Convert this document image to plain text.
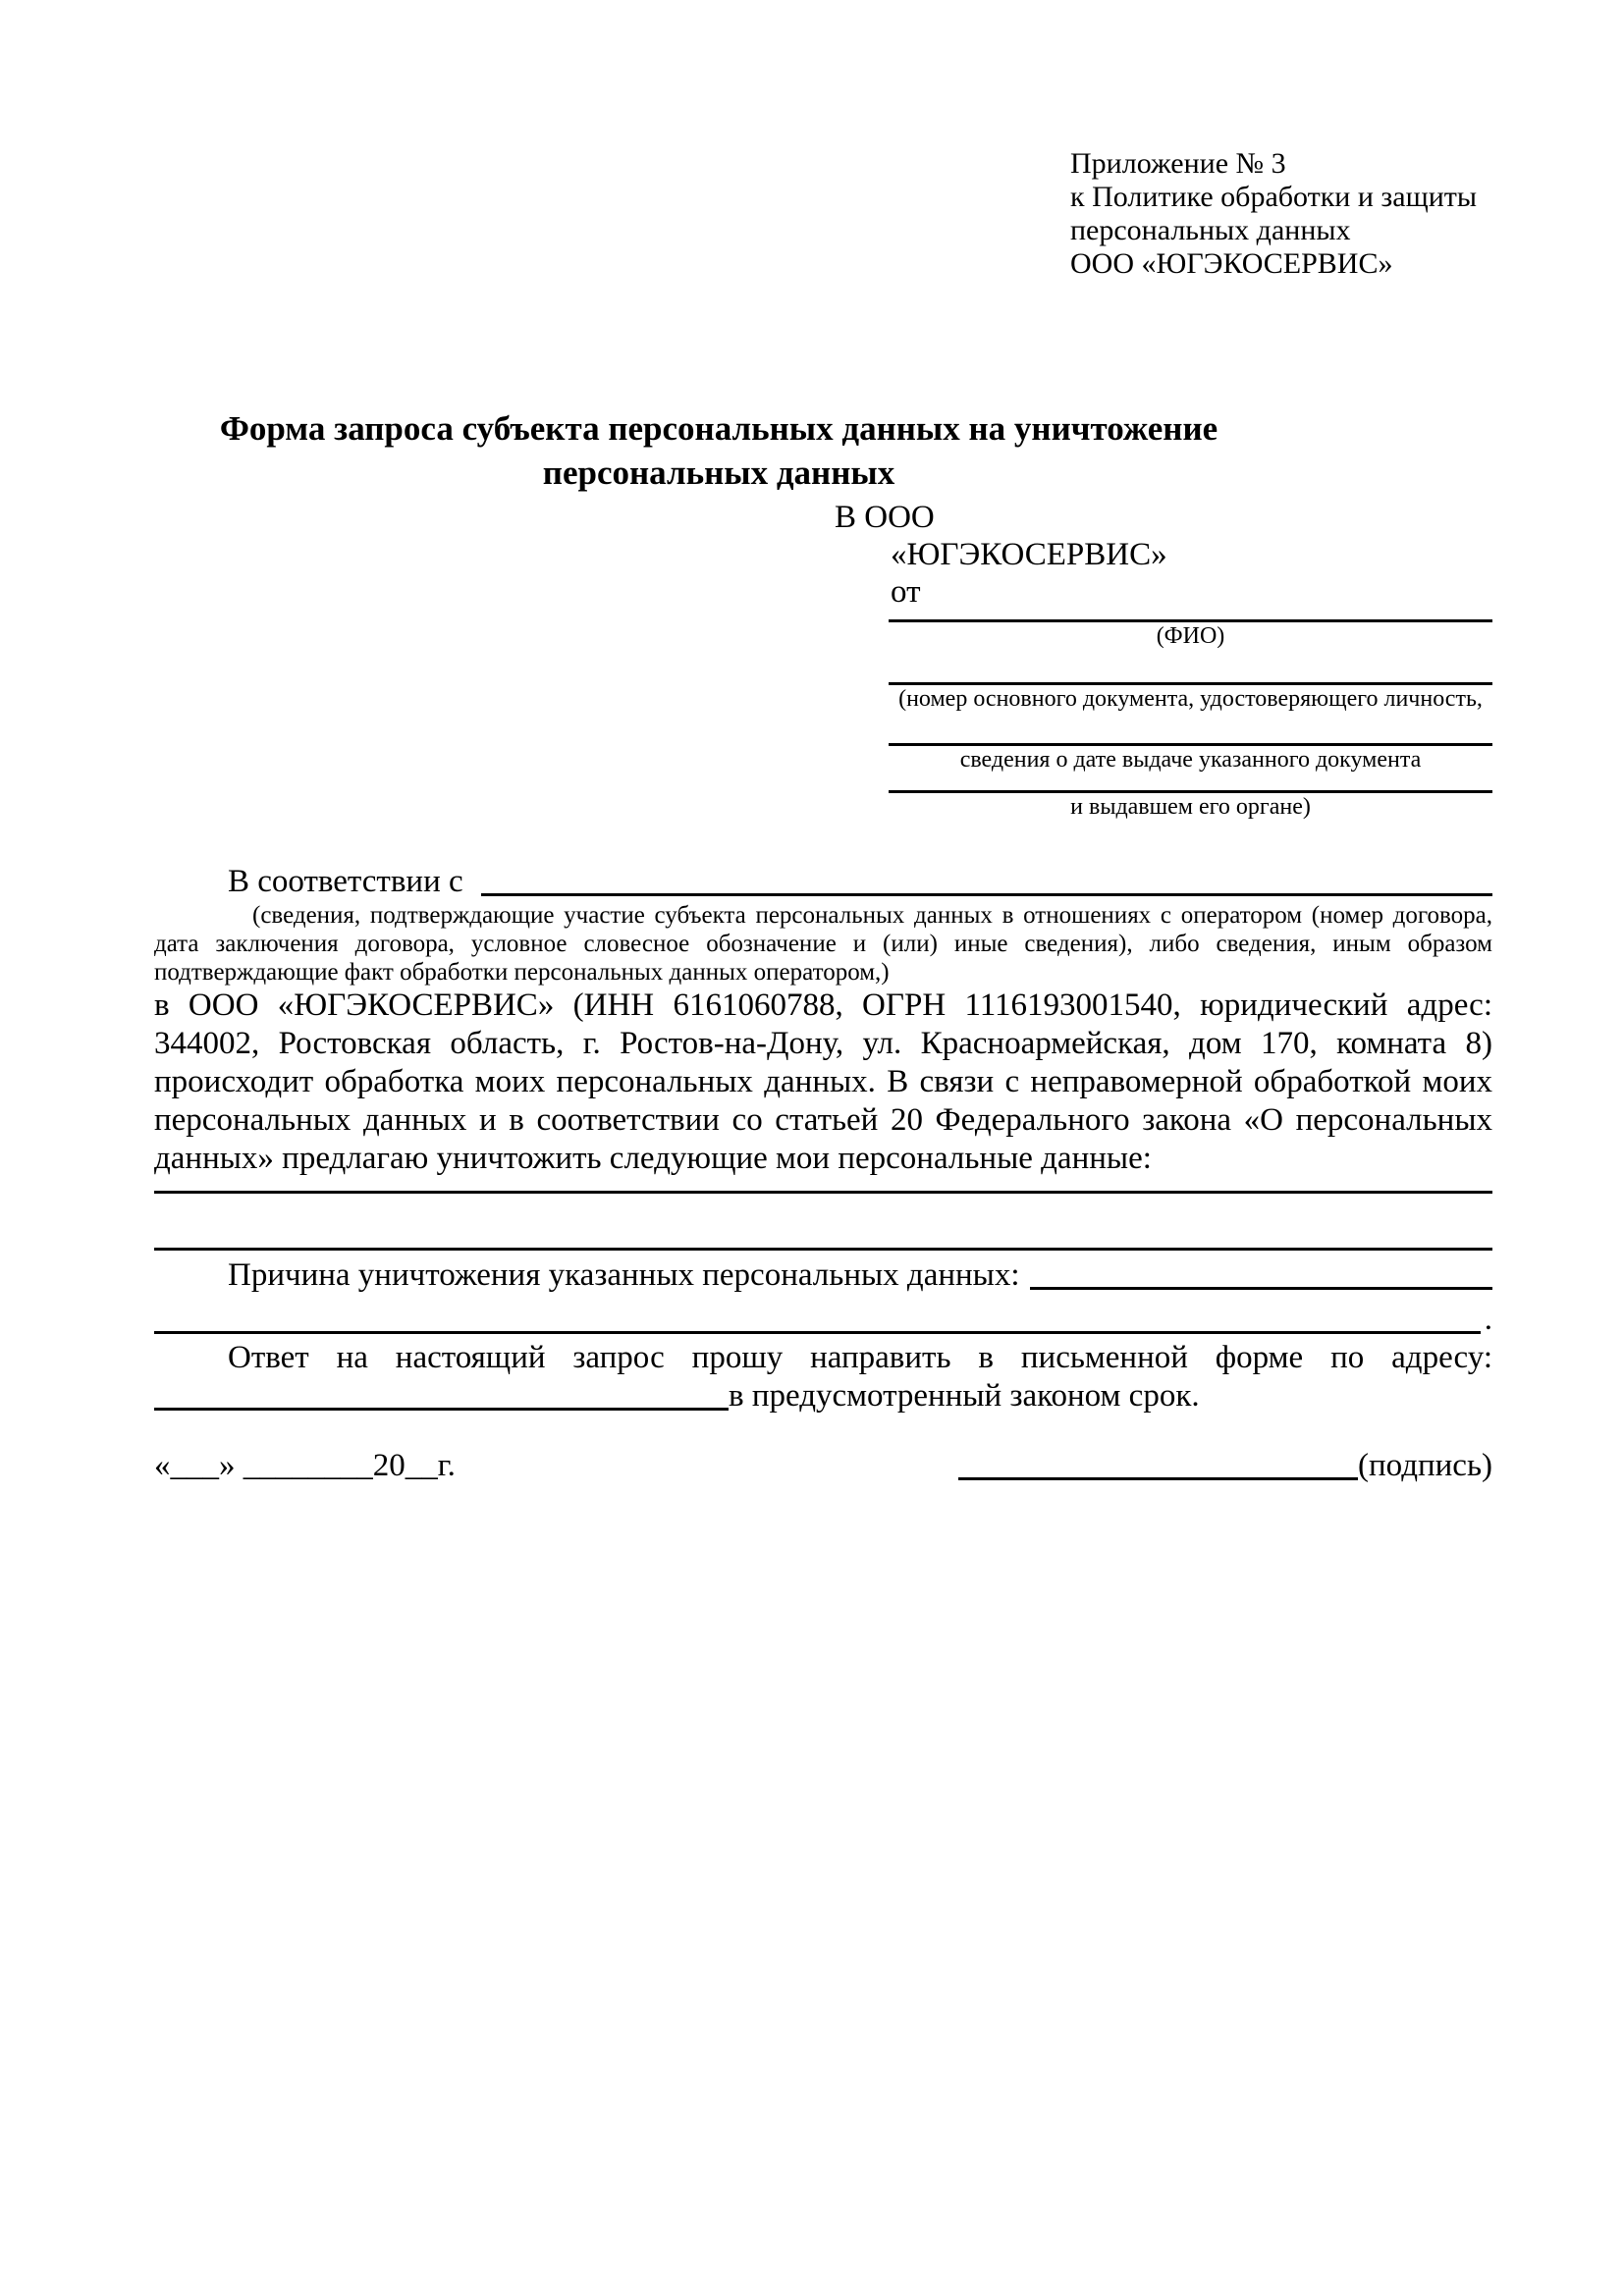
Приложение № 3
к Политике обработки и защиты
персональных данных
ООО «ЮГЭКОСЕРВИС»
Форма запроса субъекта персональных данных на уничтожение
персональных данных
В ООО
«ЮГЭКОСЕРВИС»
от
(ФИО)
(номер основного документа, удостоверяющего личность,
сведения о дате выдаче указанного документа
и выдавшем его органе)
В соответствии с

(сведения, подтверждающие участие субъекта персональных данных в отношениях с оператором (номер договора, дата заключения договора, условное словесное обозначение и (или) иные сведения), либо сведения, иным образом подтверждающие факт обработки персональных данных оператором,)

в ООО «ЮГЭКОСЕРВИС» (ИНН 6161060788, ОГРН 1116193001540, юридический адрес: 344002, Ростовская область, г. Ростов-на-Дону, ул. Красноармейская, дом 170, комната 8) происходит обработка моих персональных данных. В связи с неправомерной обработкой моих персональных данных и в соответствии со статьей 20 Федерального закона «О персональных данных» предлагаю уничтожить следующие мои персональные данные:

Причина уничтожения указанных персональных данных:
.

Ответ на настоящий запрос прошу направить в письменной форме по адресу:

в предусмотренный законом срок.
«___» ________20__г.	(подпись)
